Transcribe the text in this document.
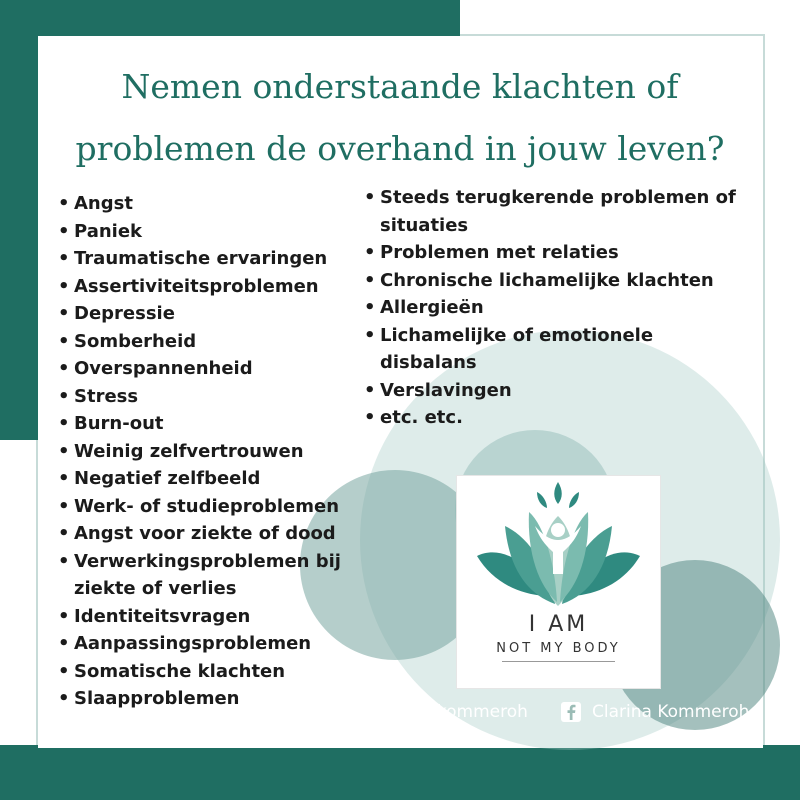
Nemen onderstaande klachten of
problemen de overhand in jouw leven?
• Angst
• Paniek
• Traumatische ervaringen
• Assertiviteitsproblemen
• Depressie
• Somberheid
• Overspannenheid
• Stress
• Burn-out
• Weinig zelfvertrouwen
• Negatief zelfbeeld
• Werk- of studieproblemen
• Angst voor ziekte of dood
• Verwerkingsproblemen bij ziekte of verlies
• Identiteitsvragen
• Aanpassingsproblemen
• Somatische klachten
• Slaapproblemen
• Steeds terugkerende problemen of situaties
• Problemen met relaties
• Chronische lichamelijke klachten
• Allergieën
• Lichamelijke of emotionele disbalans
• Verslavingen
• etc. etc.
I AM
NOT MY BODY
Clarinakommeroh	Clarina Kommeroh
